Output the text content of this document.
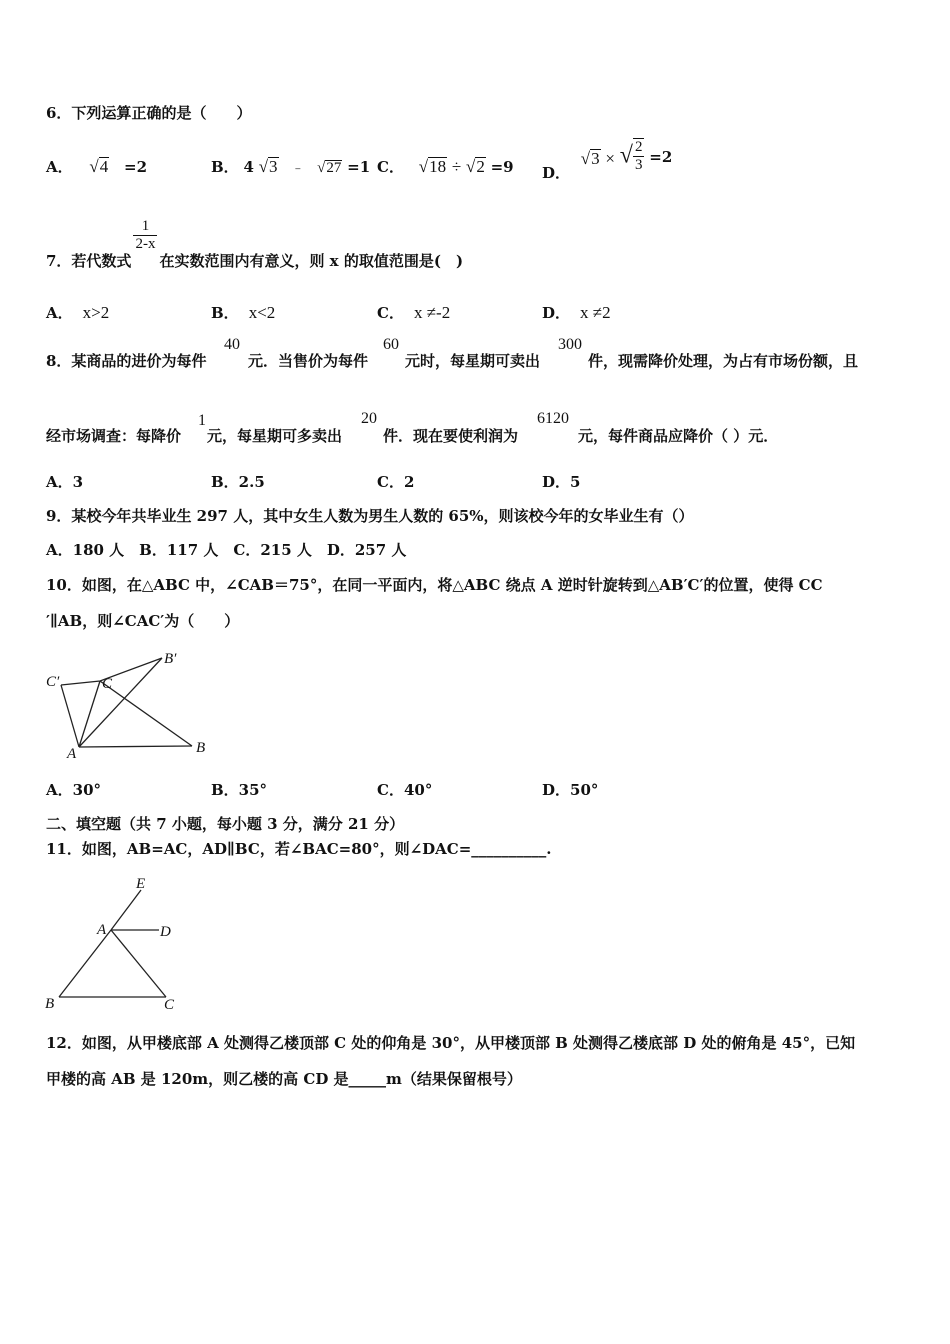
6．下列运算正确的是（　　）
A． √4 =2	B． 4 √3 ﹣ √27 =1 C． √18 ÷ √2 =9 D． √3 × √ $\frac{2}{3} =2$
7．若代数式
$\frac{1}{2-x}$
在实数范围内有意义，则 x 的取值范围是(　)
A． x>2	B． x<2	C． x ≠-2	D． x ≠2
8．某商品的进价为每件
40
元．当售价为每件
60
元时，每星期可卖出
300
件，现需降价处理，为占有市场份额，且
经市场调查：每降价
1
元，每星期可多卖出
20
件．现在要使利润为
6120
元，每件商品应降价（ ）元．
A．3	B．2.5	C．2	D．5
9．某校今年共毕业生 297 人，其中女生人数为男生人数的 65%，则该校今年的女毕业生有（）
A．180 人　B．117 人　C．215 人　D．257 人
10．如图，在△ABC 中，∠CAB＝75°，在同一平面内，将△ABC 绕点 A 逆时针旋转到△AB′C′的位置，使得 CC
′∥AB，则∠CAC′为（　　）
C′	C
B′
A	B
A．30°	B．35°	C．40°	D．50°
二、填空题（共 7 小题，每小题 3 分，满分 21 分）
11．如图，AB=AC，AD∥BC，若∠BAC=80°，则∠DAC=__________.
E
A	D
B	C
12．如图，从甲楼底部 A 处测得乙楼顶部 C 处的仰角是 30°，从甲楼顶部 B 处测得乙楼底部 D 处的俯角是 45°，已知
甲楼的高 AB 是 120m，则乙楼的高 CD 是_____m（结果保留根号）
